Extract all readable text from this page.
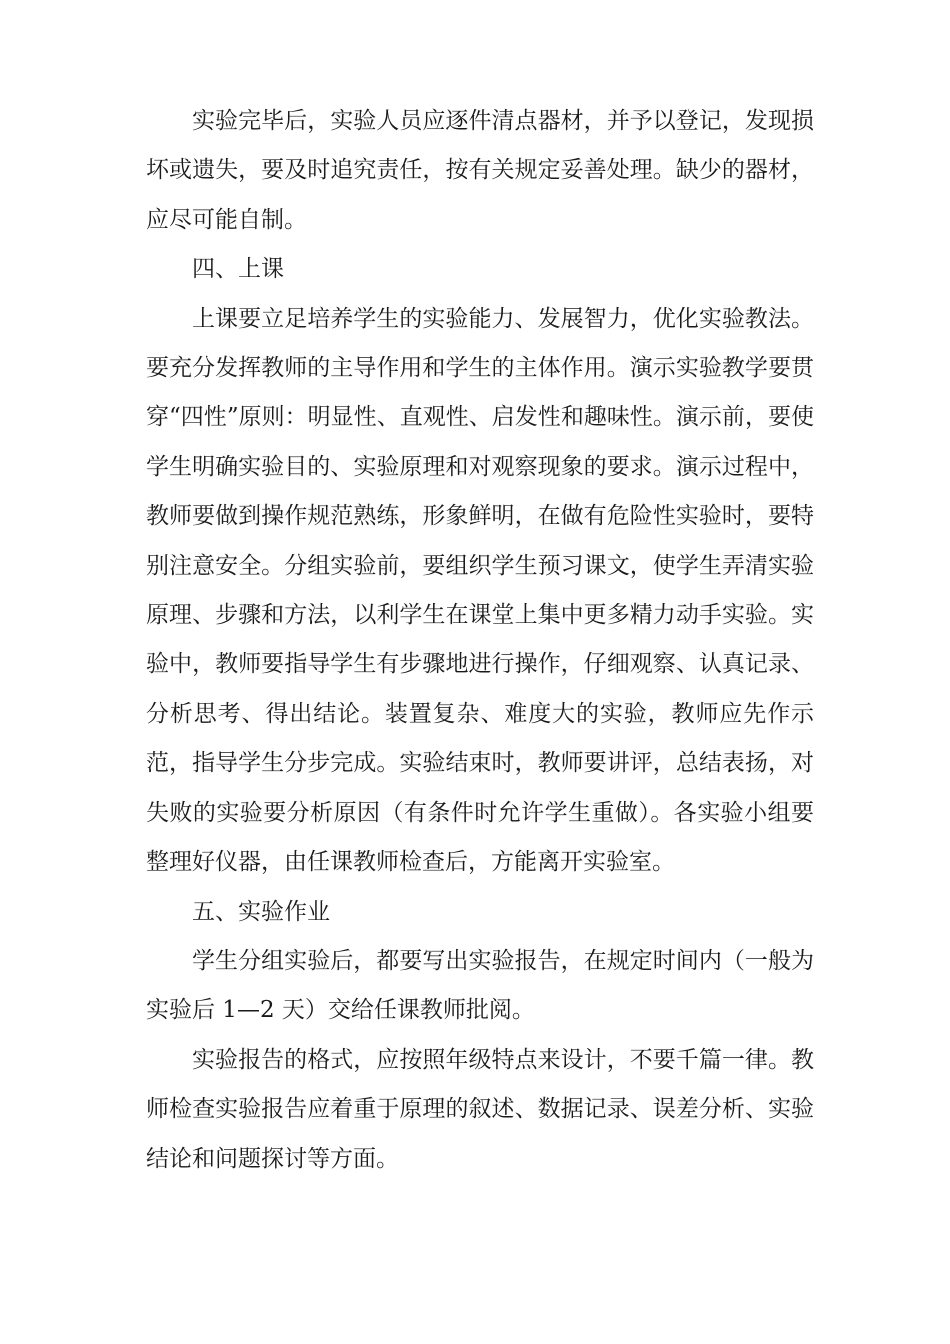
实验完毕后，实验人员应逐件清点器材，并予以登记，发现损坏或遗失，要及时追究责任，按有关规定妥善处理。缺少的器材，应尽可能自制。

四、上课

上课要立足培养学生的实验能力、发展智力，优化实验教法。要充分发挥教师的主导作用和学生的主体作用。演示实验教学要贯穿“四性”原则：明显性、直观性、启发性和趣味性。演示前，要使学生明确实验目的、实验原理和对观察现象的要求。演示过程中，教师要做到操作规范熟练，形象鲜明，在做有危险性实验时，要特别注意安全。分组实验前，要组织学生预习课文，使学生弄清实验原理、步骤和方法，以利学生在课堂上集中更多精力动手实验。实验中，教师要指导学生有步骤地进行操作，仔细观察、认真记录、分析思考、得出结论。装置复杂、难度大的实验，教师应先作示范，指导学生分步完成。实验结束时，教师要讲评，总结表扬，对失败的实验要分析原因（有条件时允许学生重做）。各实验小组要整理好仪器，由任课教师检查后，方能离开实验室。

五、实验作业

学生分组实验后，都要写出实验报告，在规定时间内（一般为实验后 1—2 天）交给任课教师批阅。

实验报告的格式，应按照年级特点来设计，不要千篇一律。教师检查实验报告应着重于原理的叙述、数据记录、误差分析、实验结论和问题探讨等方面。
